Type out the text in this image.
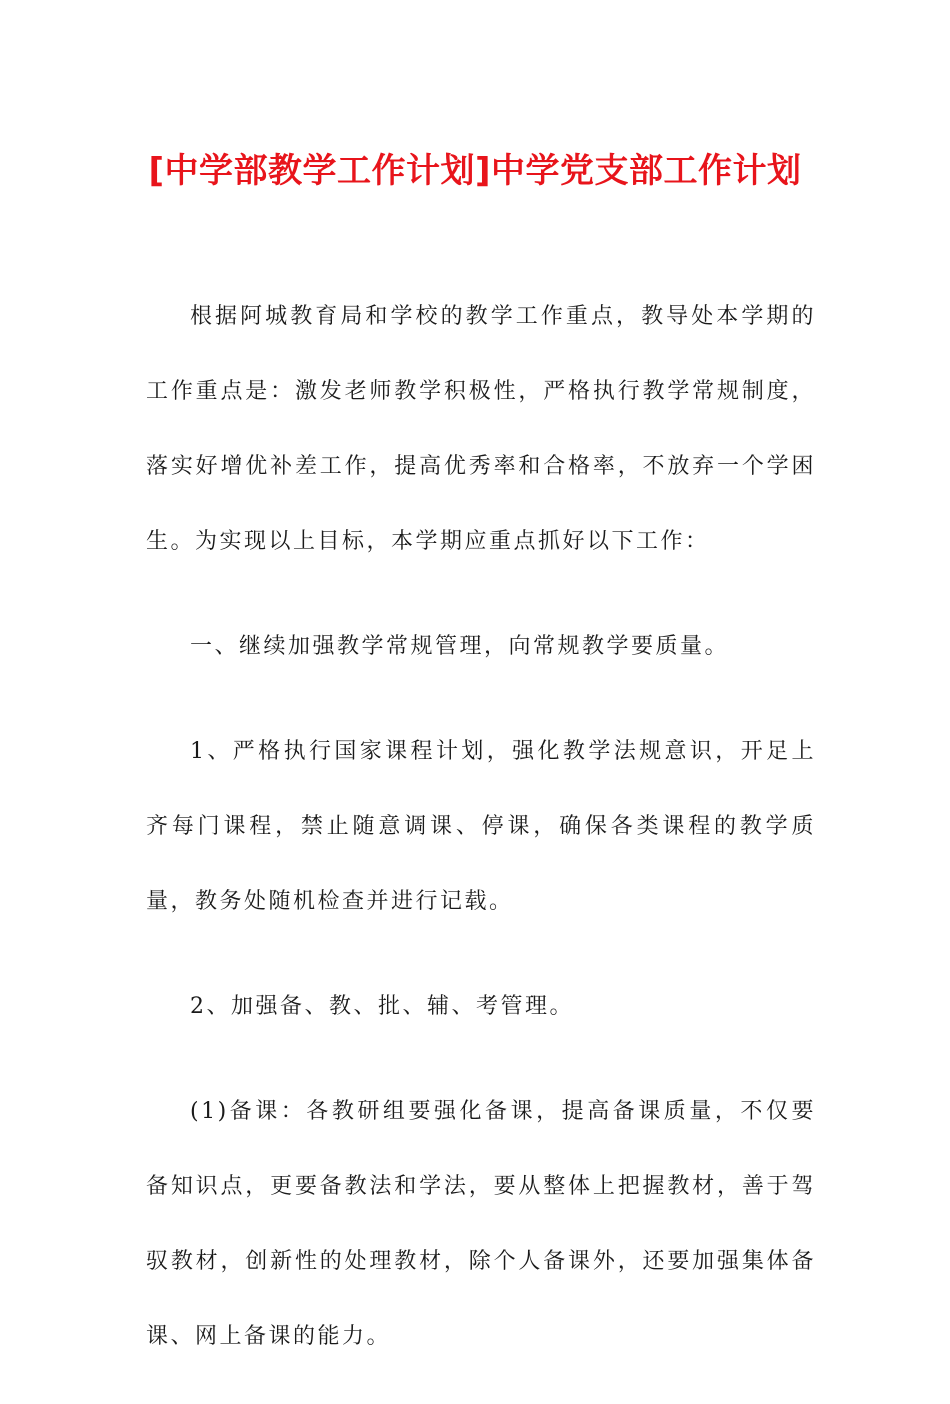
[中学部教学工作计划]中学党支部工作计划

根据阿城教育局和学校的教学工作重点，教导处本学期的工作重点是：激发老师教学积极性，严格执行教学常规制度，落实好增优补差工作，提高优秀率和合格率，不放弃一个学困生。为实现以上目标，本学期应重点抓好以下工作：

一、继续加强教学常规管理，向常规教学要质量。

1、严格执行国家课程计划，强化教学法规意识，开足上齐每门课程，禁止随意调课、停课，确保各类课程的教学质量，教务处随机检查并进行记载。

2、加强备、教、批、辅、考管理。

(1)备课：各教研组要强化备课，提高备课质量，不仅要备知识点，更要备教法和学法，要从整体上把握教材，善于驾驭教材，创新性的处理教材，除个人备课外，还要加强集体备课、网上备课的能力。
